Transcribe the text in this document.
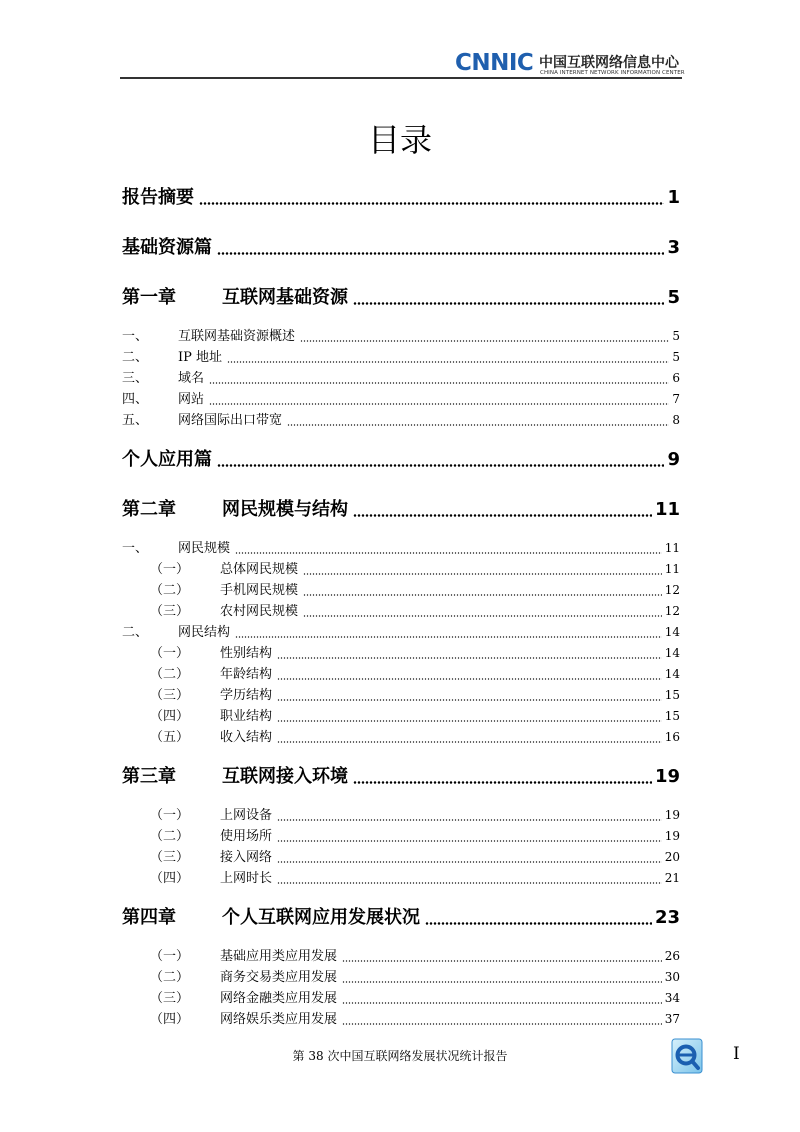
CNNIC 中国互联网络信息中心
CHINA INTERNET NETWORK INFORMATION CENTER
目录
报告摘要	1
基础资源篇	3
第一章	互联网基础资源	5
一、	互联网基础资源概述	5
二、	IP 地址	5
三、	域名	6
四、	网站	7
五、	网络国际出口带宽	8
个人应用篇	9
第二章	网民规模与结构	11
一、	网民规模	11
（一）	总体网民规模	11
（二）	手机网民规模	12
（三）	农村网民规模	12
二、	网民结构	14
（一）	性别结构	14
（二）	年龄结构	14
（三）	学历结构	15
（四）	职业结构	15
（五）	收入结构	16
第三章	互联网接入环境	19
（一）	上网设备	19
（二）	使用场所	19
（三）	接入网络	20
（四）	上网时长	21
第四章	个人互联网应用发展状况	23
（一）	基础应用类应用发展	26
（二）	商务交易类应用发展	30
（三）	网络金融类应用发展	34
（四）	网络娱乐类应用发展	37
第 38 次中国互联网络发展状况统计报告	I
